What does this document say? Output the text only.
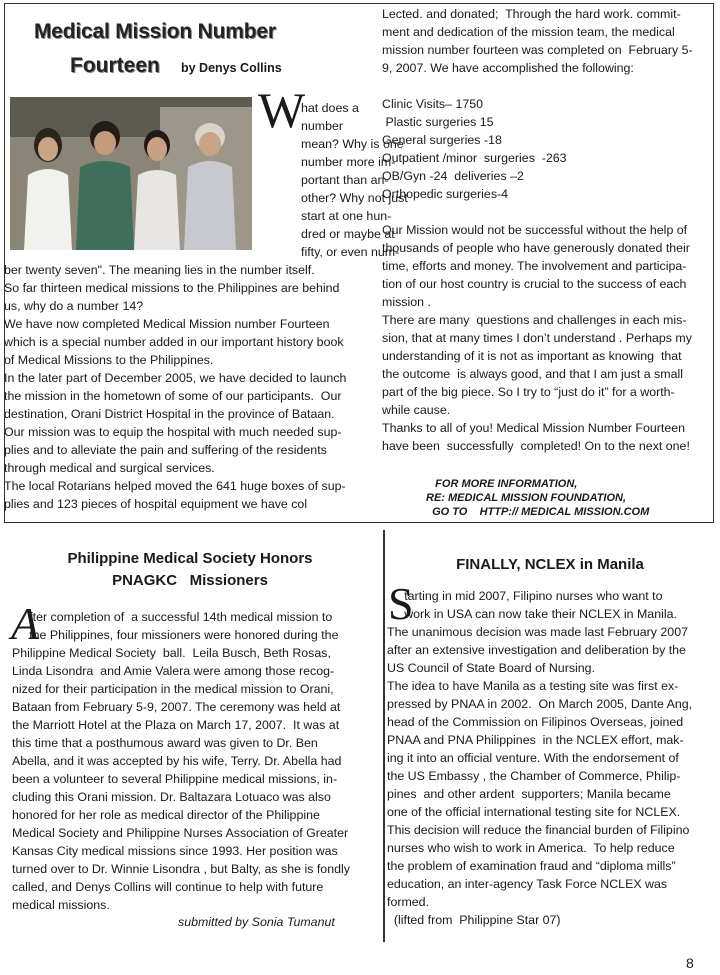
Medical Mission Number
Fourteen by Denys Collins
W
hat does a
number
mean? Why is one
number more im-
portant than an-
other? Why not just
start at one hun-
dred or maybe at
fifty, or even num-
ber twenty seven". The meaning lies in the number itself.
So far thirteen medical missions to the Philippines are behind
us, why do a number 14?
We have now completed Medical Mission number Fourteen
which is a special number added in our important history book
of Medical Missions to the Philippines.
In the later part of December 2005, we have decided to launch
the mission in the hometown of some of our participants.  Our
destination, Orani District Hospital in the province of Bataan.
Our mission was to equip the hospital with much needed sup-
plies and to alleviate the pain and suffering of the residents
through medical and surgical services.
The local Rotarians helped moved the 641 huge boxes of sup-
plies and 123 pieces of hospital equipment we have col
Lected. and donated;  Through the hard work. commit-
ment and dedication of the mission team, the medical
mission number fourteen was completed on  February 5-
9, 2007. We have accomplished the following:

Clinic Visits– 1750
Plastic surgeries 15
General surgeries -18
Outpatient /minor  surgeries  -263
OB/Gyn -24  deliveries –2
Orthopedic surgeries-4

Our Mission would not be successful without the help of
thousands of people who have generously donated their
time, efforts and money. The involvement and participa-
tion of our host country is crucial to the success of each
mission .
There are many  questions and challenges in each mis-
sion, that at many times I don’t understand . Perhaps my
understanding of it is not as important as knowing  that
the outcome  is always good, and that I am just a small
part of the big piece. So I try to “just do it” for a worth-
while cause.
Thanks to all of you! Medical Mission Number Fourteen
have been  successfully  completed! On to the next one!
FOR MORE INFORMATION,
RE: MEDICAL MISSION FOUNDATION,
GO TO    HTTP:// MEDICAL MISSION.COM
Philippine Medical Society Honors
PNAGKC   Missioners
A
fter completion of  a successful 14th medical mission to
the Philippines, four missioners were honored during the
Philippine Medical Society  ball.  Leila Busch, Beth Rosas,
Linda Lisondra  and Amie Valera were among those recog-
nized for their participation in the medical mission to Orani,
Bataan from February 5-9, 2007. The ceremony was held at
the Marriott Hotel at the Plaza on March 17, 2007.  It was at
this time that a posthumous award was given to Dr. Ben
Abella, and it was accepted by his wife, Terry. Dr. Abella had
been a volunteer to several Philippine medical missions, in-
cluding this Orani mission. Dr. Baltazara Lotuaco was also
honored for her role as medical director of the Philippine
Medical Society and Philippine Nurses Association of Greater
Kansas City medical missions since 1993. Her position was
turned over to Dr. Winnie Lisondra , but Balty, as she is fondly
called, and Denys Collins will continue to help with future
medical missions.
submitted by Sonia Tumanut
FINALLY, NCLEX in Manila
S
tarting in mid 2007, Filipino nurses who want to
work in USA can now take their NCLEX in Manila.
The unanimous decision was made last February 2007
after an extensive investigation and deliberation by the
US Council of State Board of Nursing.
The idea to have Manila as a testing site was first ex-
pressed by PNAA in 2002.  On March 2005, Dante Ang,
head of the Commission on Filipinos Overseas, joined
PNAA and PNA Philippines  in the NCLEX effort, mak-
ing it into an official venture. With the endorsement of
the US Embassy , the Chamber of Commerce, Philip-
pines  and other ardent  supporters; Manila became
one of the official international testing site for NCLEX.
This decision will reduce the financial burden of Filipino
nurses who wish to work in America.  To help reduce
the problem of examination fraud and “diploma mills”
education, an inter-agency Task Force NCLEX was
formed.
(lifted from  Philippine Star 07)
8
